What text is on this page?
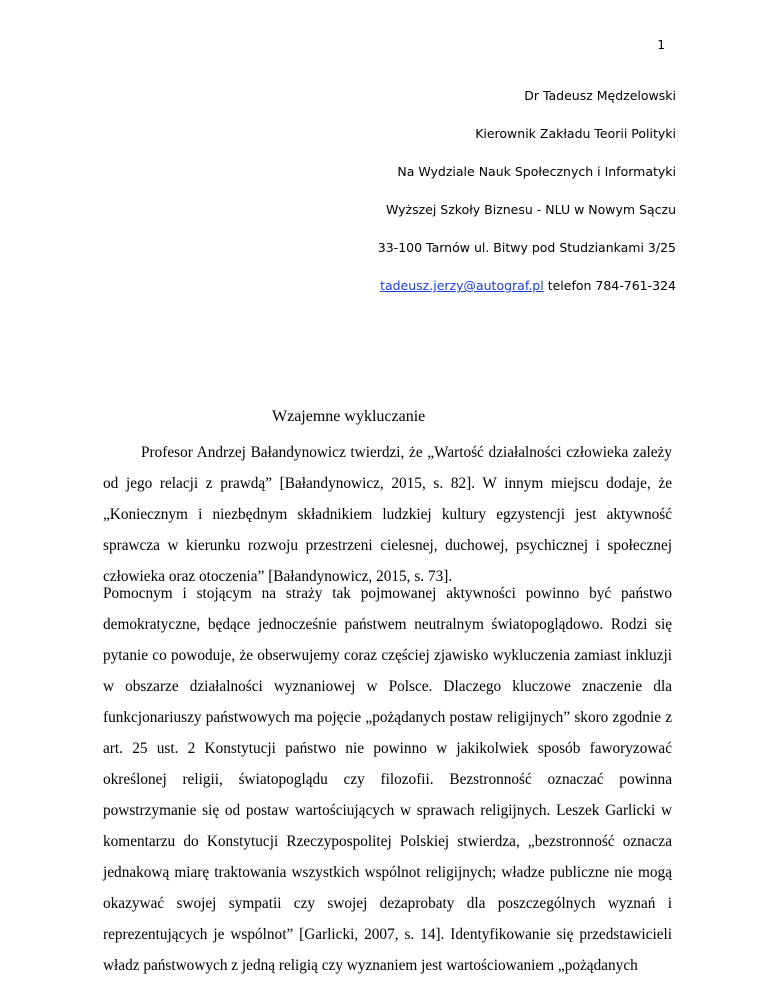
1
Dr Tadeusz Mędzelowski
Kierownik Zakładu Teorii Polityki
Na Wydziale Nauk Społecznych i Informatyki
Wyższej Szkoły Biznesu - NLU w Nowym Sączu
33-100 Tarnów ul. Bitwy pod Studziankami 3/25
tadeusz.jerzy@autograf.pl telefon 784-761-324
Wzajemne wykluczanie

Profesor Andrzej Bałandynowicz twierdzi, że „Wartość działalności człowieka zależy od jego relacji z prawdą” [Bałandynowicz, 2015, s. 82]. W innym miejscu dodaje, że „Koniecznym i niezbędnym składnikiem ludzkiej kultury egzystencji jest aktywność sprawcza w kierunku rozwoju przestrzeni cielesnej, duchowej, psychicznej i społecznej człowieka oraz otoczenia” [Bałandynowicz, 2015, s. 73].

Pomocnym i stojącym na straży tak pojmowanej aktywności powinno być państwo demokratyczne, będące jednocześnie państwem neutralnym światopoglądowo. Rodzi się pytanie co powoduje, że obserwujemy coraz częściej zjawisko wykluczenia zamiast inkluzji w obszarze działalności wyznaniowej w Polsce. Dlaczego kluczowe znaczenie dla funkcjonariuszy państwowych ma pojęcie „pożądanych postaw religijnych” skoro zgodnie z art. 25 ust. 2 Konstytucji państwo nie powinno w jakikolwiek sposób faworyzować określonej religii, światopoglądu czy filozofii. Bezstronność oznaczać powinna powstrzymanie się od postaw wartościujących w sprawach religijnych. Leszek Garlicki w komentarzu do Konstytucji Rzeczypospolitej Polskiej stwierdza, „bezstronność oznacza jednakową miarę traktowania wszystkich wspólnot religijnych; władze publiczne nie mogą okazywać swojej sympatii czy swojej dezaprobaty dla poszczególnych wyznań i reprezentujących je wspólnot” [Garlicki, 2007, s. 14]. Identyfikowanie się przedstawicieli władz państwowych z jedną religią czy wyznaniem jest wartościowaniem „pożądanych
